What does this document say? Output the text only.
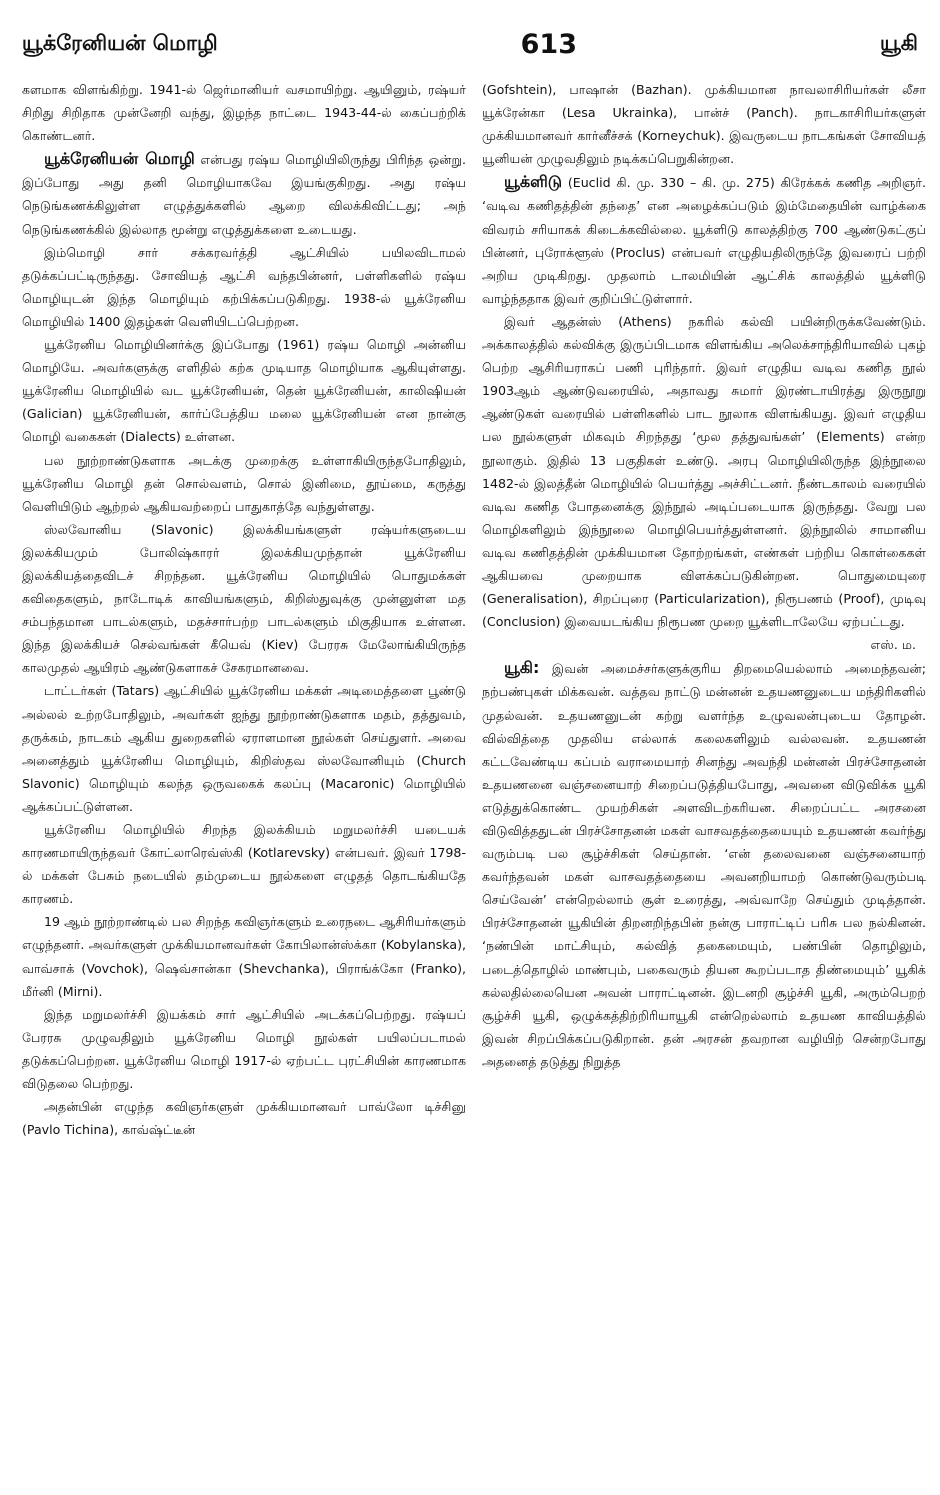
யூக்ரேனியன் மொழி	613	யூகி

களமாக விளங்கிற்று. 1941-ல் ஜெர்மானியர் வசமாயிற்று. ஆயினும், ரஷ்யர் சிறிது சிறிதாக முன்னேறி வந்து, இழந்த நாட்டை 1943-44-ல் கைப்பற்றிக் கொண்டனர்.

யூக்ரேனியன் மொழி என்பது ரஷ்ய மொழியிலிருந்து பிரிந்த ஒன்று. இப்போது அது தனி மொழியாகவே இயங்குகிறது. அது ரஷ்ய நெடுங்கணக்கிலுள்ள எழுத்துக்களில் ஆறை விலக்கிவிட்டது; அந் நெடுங்கணக்கில் இல்லாத மூன்று எழுத்துக்களை உடையது.

இம்மொழி சார் சக்கரவர்த்தி ஆட்சியில் பயிலவிடாமல் தடுக்கப்பட்டிருந்தது. சோவியத் ஆட்சி வந்தபின்னர், பள்ளிகளில் ரஷ்ய மொழியுடன் இந்த மொழியும் கற்பிக்கப்படுகிறது. 1938-ல் யூக்ரேனிய மொழியில் 1400 இதழ்கள் வெளியிடப்பெற்றன.

யூக்ரேனிய மொழியினர்க்கு இப்போது (1961) ரஷ்ய மொழி அன்னிய மொழியே. அவர்களுக்கு எளிதில் கற்க முடியாத மொழியாக ஆகியுள்ளது. யூக்ரேனிய மொழியில் வட யூக்ரேனியன், தென் யூக்ரேனியன், காலிஷியன் (Galician) யூக்ரேனியன், கார்ப்பேத்திய மலை யூக்ரேனியன் என நான்கு மொழி வகைகள் (Dialects) உள்ளன.

பல நூற்றாண்டுகளாக அடக்கு முறைக்கு உள்ளாகியிருந்தபோதிலும், யூக்ரேனிய மொழி தன் சொல்வளம், சொல் இனிமை, தூய்மை, கருத்து வெளியிடும் ஆற்றல் ஆகியவற்றைப் பாதுகாத்தே வந்துள்ளது.

ஸ்லவோனிய (Slavonic) இலக்கியங்களுள் ரஷ்யர்களுடைய இலக்கியமும் போலிஷ்காரர் இலக்கியமுந்தான் யூக்ரேனிய இலக்கியத்தைவிடச் சிறந்தன. யூக்ரேனிய மொழியில் பொதுமக்கள் கவிதைகளும், நாடோடிக் காவியங்களும், கிறிஸ்துவுக்கு முன்னுள்ள மத சம்பந்தமான பாடல்களும், மதச்சார்பற்ற பாடல்களும் மிகுதியாக உள்ளன. இந்த இலக்கியச் செல்வங்கள் கீயெவ் (Kiev) பேரரசு மேலோங்கியிருந்த காலமுதல் ஆயிரம் ஆண்டுகளாகச் சேகரமானவை.

டாட்டர்கள் (Tatars) ஆட்சியில் யூக்ரேனிய மக்கள் அடிமைத்தளை பூண்டு அல்லல் உற்றபோதிலும், அவர்கள் ஐந்து நூற்றாண்டுகளாக மதம், தத்துவம், தருக்கம், நாடகம் ஆகிய துறைகளில் ஏராளமான நூல்கள் செய்துளர். அவை அனைத்தும் யூக்ரேனிய மொழியும், கிறிஸ்தவ ஸ்லவோனியும் (Church Slavonic) மொழியும் கலந்த ஒருவகைக் கலப்பு (Macaronic) மொழியில் ஆக்கப்பட்டுள்ளன.

யூக்ரேனிய மொழியில் சிறந்த இலக்கியம் மறுமலர்ச்சி யடையக் காரணமாயிருந்தவர் கோட்லாரெவ்ஸ்கி (Kotlarevsky) என்பவர். இவர் 1798-ல் மக்கள் பேசும் நடையில் தம்முடைய நூல்களை எழுதத் தொடங்கியதே காரணம்.

19 ஆம் நூற்றாண்டில் பல சிறந்த கவிஞர்களும் உரைநடை ஆசிரியர்களும் எழுந்தனர். அவர்களுள் முக்கியமானவர்கள் கோபிலான்ஸ்க்கா (Kobylanska), வாவ்சாக் (Vovchok), ஷெவ்சான்கா (Shevchanka), பிராங்க்கோ (Franko), மீர்னி (Mirni).

இந்த மறுமலர்ச்சி இயக்கம் சார் ஆட்சியில் அடக்கப்பெற்றது. ரஷ்யப் பேரரசு முழுவதிலும் யூக்ரேனிய மொழி நூல்கள் பயிலப்படாமல் தடுக்கப்பெற்றன. யூக்ரேனிய மொழி 1917-ல் ஏற்பட்ட புரட்சியின் காரணமாக விடுதலை பெற்றது.

அதன்பின் எழுந்த கவிஞர்களுள் முக்கியமானவர் பாவ்லோ டிச்சினு (Pavlo Tichina), காவ்ஷ்ட்டீன்

(Gofshtein), பாஷான் (Bazhan). முக்கியமான நாவலாசிரியர்கள் லீசா யூக்ரேன்கா (Lesa Ukrainka), பான்ச் (Panch). நாடகாசிரியர்களுள் முக்கியமானவர் கார்னீச்சக் (Korneychuk). இவருடைய நாடகங்கள் சோவியத் யூனியன் முழுவதிலும் நடிக்கப்பெறுகின்றன.

யூக்ளிடு (Euclid கி. மு. 330 – கி. மு. 275) கிரேக்கக் கணித அறிஞர். ‘வடிவ கணிதத்தின் தந்தை’ என அழைக்கப்படும் இம்மேதையின் வாழ்க்கை விவரம் சரியாகக் கிடைக்கவில்லை. யூக்ளிடு காலத்திற்கு 700 ஆண்டுகட்குப் பின்னர், புரோக்ளூஸ் (Proclus) என்பவர் எழுதியதிலிருந்தே இவரைப் பற்றி அறிய முடிகிறது. முதலாம் டாலமியின் ஆட்சிக் காலத்தில் யூக்ளிடு வாழ்ந்ததாக இவர் குறிப்பிட்டுள்ளார்.

இவர் ஆதன்ஸ் (Athens) நகரில் கல்வி பயின்றிருக்கவேண்டும். அக்காலத்தில் கல்விக்கு இருப்பிடமாக விளங்கிய அலெக்சாந்திரியாவில் புகழ் பெற்ற ஆசிரியராகப் பணி புரிந்தார். இவர் எழுதிய வடிவ கணித நூல் 1903ஆம் ஆண்டுவரையில், அதாவது சுமார் இரண்டாயிரத்து இருநூறு ஆண்டுகள் வரையில் பள்ளிகளில் பாட நூலாக விளங்கியது. இவர் எழுதிய பல நூல்களுள் மிகவும் சிறந்தது ‘மூல தத்துவங்கள்’ (Elements) என்ற நூலாகும். இதில் 13 பகுதிகள் உண்டு. அரபு மொழியிலிருந்த இந்நூலை 1482-ல் இலத்தீன் மொழியில் பெயர்த்து அச்சிட்டனர். நீண்டகாலம் வரையில் வடிவ கணித போதனைக்கு இந்நூல் அடிப்படையாக இருந்தது. வேறு பல மொழிகளிலும் இந்நூலை மொழிபெயர்த்துள்ளனர். இந்நூலில் சாமானிய வடிவ கணிதத்தின் முக்கியமான தோற்றங்கள், எண்கள் பற்றிய கொள்கைகள் ஆகியவை முறையாக விளக்கப்படுகின்றன. பொதுமையுரை (Generalisation), சிறப்புரை (Particularization), நிரூபணம் (Proof), முடிவு (Conclusion) இவையடங்கிய நிரூபண முறை யூக்ளிடாலேயே ஏற்பட்டது.

எஸ். ம.

யூகி: இவன் அமைச்சர்களுக்குரிய திறமையெல்லாம் அமைந்தவன்; நற்பண்புகள் மிக்கவன். வத்தவ நாட்டு மன்னன் உதயணனுடைய மந்திரிகளில் முதல்வன். உதயணனுடன் கற்று வளர்ந்த உழுவலன்புடைய தோழன். வில்வித்தை முதலிய எல்லாக் கலைகளிலும் வல்லவன். உதயணன் கட்டவேண்டிய கப்பம் வராமையாற் சினந்து அவந்தி மன்னன் பிரச்சோதனன் உதயணனை வஞ்சனையாற் சிறைப்படுத்தியபோது, அவனை விடுவிக்க யூகி எடுத்துக்கொண்ட முயற்சிகள் அளவிடற்கரியன. சிறைப்பட்ட அரசனை விடுவித்ததுடன் பிரச்சோதனன் மகள் வாசவதத்தையையும் உதயணன் கவர்ந்து வரும்படி பல சூழ்ச்சிகள் செய்தான். ‘என் தலைவனை வஞ்சனையாற் கவர்ந்தவன் மகள் வாசவதத்தையை அவனறியாமற் கொண்டுவரும்படி செய்வேன்’ என்றெல்லாம் சூள் உரைத்து, அவ்வாறே செய்தும் முடித்தான். பிரச்சோதனன் யூகியின் திறனறிந்தபின் நன்கு பாராட்டிப் பரிசு பல நல்கினன். ‘நண்பின் மாட்சியும், கல்வித் தகைமையும், பண்பின் தொழிலும், படைத்தொழில் மாண்பும், பகைவரும் தியன கூறப்படாத திண்மையும்’ யூகிக் கல்லதில்லையென அவன் பாராட்டினன். இடனறி சூழ்ச்சி யூகி, அரும்பெறற் சூழ்ச்சி யூகி, ஒழுக்கத்திற்றிரியாயூகி என்றெல்லாம் உதயண காவியத்தில் இவன் சிறப்பிக்கப்படுகிறான். தன் அரசன் தவறான வழியிற் சென்றபோது அதனைத் தடுத்து நிறுத்த
